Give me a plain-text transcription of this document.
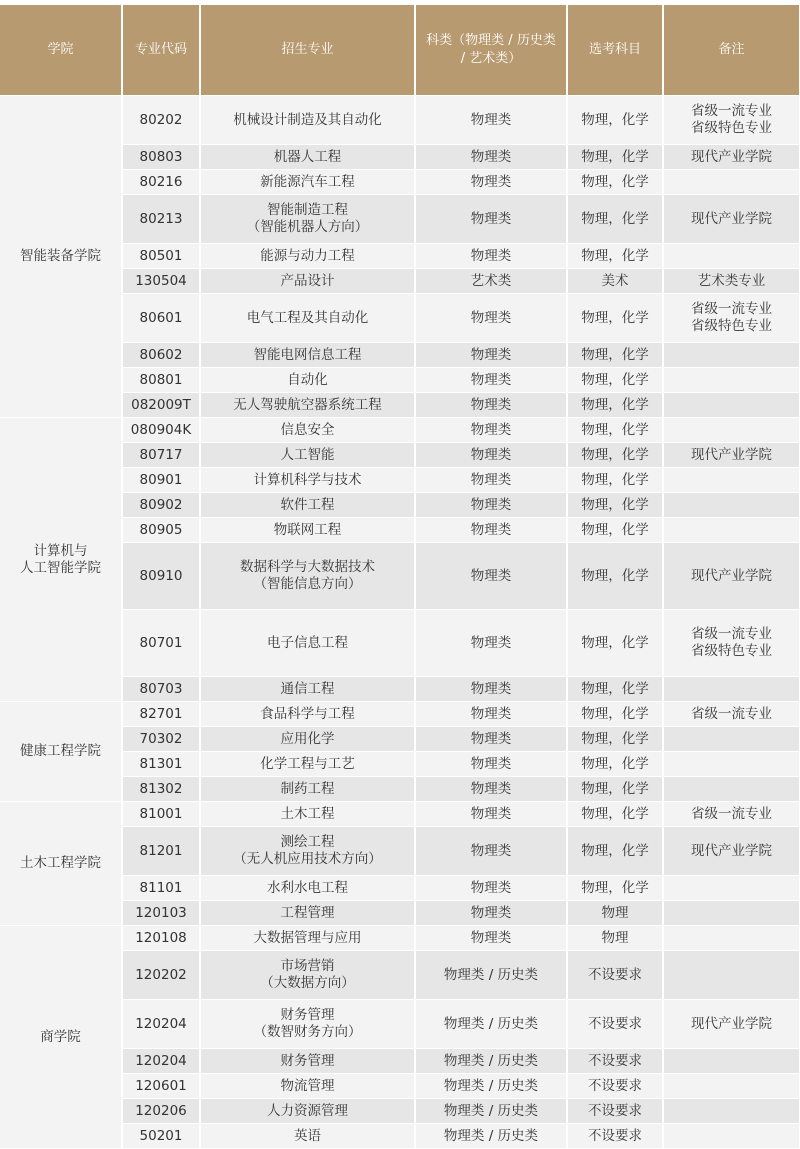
学院	专业代码	招生专业	科类（物理类 / 历史类 / 艺术类）	选考科目	备注
智能装备学院	80202	机械设计制造及其自动化	物理类	物理，化学	省级一流专业
省级特色专业
	80803	机器人工程	物理类	物理，化学	现代产业学院
	80216	新能源汽车工程	物理类	物理，化学	
	80213	智能制造工程
（智能机器人方向）	物理类	物理，化学	现代产业学院
	80501	能源与动力工程	物理类	物理，化学	
	130504	产品设计	艺术类	美术	艺术类专业
	80601	电气工程及其自动化	物理类	物理，化学	省级一流专业
省级特色专业
	80602	智能电网信息工程	物理类	物理，化学	
	80801	自动化	物理类	物理，化学	
	082009T	无人驾驶航空器系统工程	物理类	物理，化学	
计算机与
人工智能学院	080904K	信息安全	物理类	物理，化学	
	80717	人工智能	物理类	物理，化学	现代产业学院
	80901	计算机科学与技术	物理类	物理，化学	
	80902	软件工程	物理类	物理，化学	
	80905	物联网工程	物理类	物理，化学	
	80910	数据科学与大数据技术
（智能信息方向）	物理类	物理，化学	现代产业学院
	80701	电子信息工程	物理类	物理，化学	省级一流专业
省级特色专业
	80703	通信工程	物理类	物理，化学	
健康工程学院	82701	食品科学与工程	物理类	物理，化学	省级一流专业
	70302	应用化学	物理类	物理，化学	
	81301	化学工程与工艺	物理类	物理，化学	
	81302	制药工程	物理类	物理，化学	
土木工程学院	81001	土木工程	物理类	物理，化学	省级一流专业
	81201	测绘工程
（无人机应用技术方向）	物理类	物理，化学	现代产业学院
	81101	水利水电工程	物理类	物理，化学	
	120103	工程管理	物理类	物理	
商学院	120108	大数据管理与应用	物理类	物理	
	120202	市场营销
（大数据方向）	物理类 / 历史类	不设要求	
	120204	财务管理
（数智财务方向）	物理类 / 历史类	不设要求	现代产业学院
	120204	财务管理	物理类 / 历史类	不设要求	
	120601	物流管理	物理类 / 历史类	不设要求	
	120206	人力资源管理	物理类 / 历史类	不设要求	
	50201	英语	物理类 / 历史类	不设要求	
